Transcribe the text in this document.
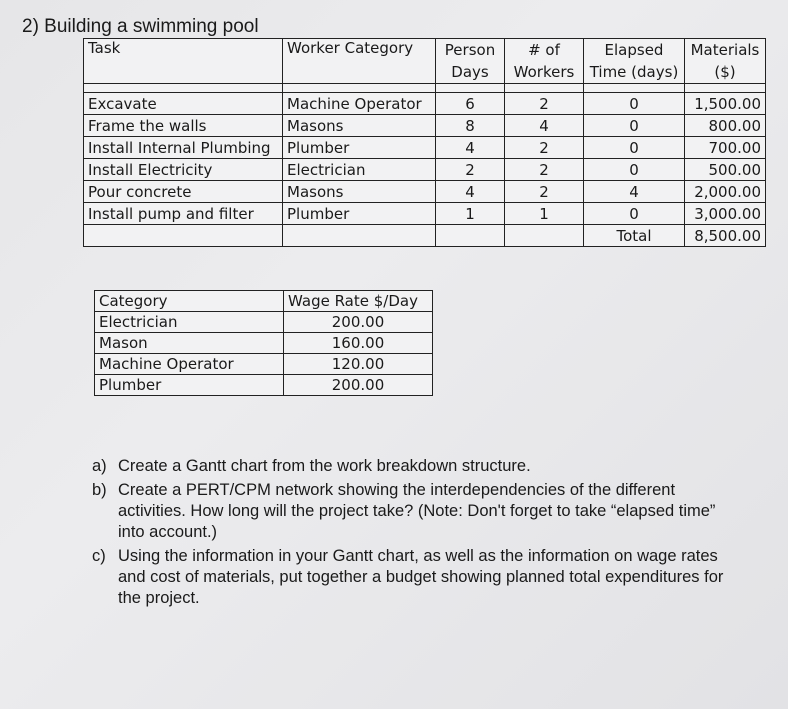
2) Building a swimming pool
Task	Worker Category	Person	# of	Elapsed	Materials
		Days	Workers	Time (days)	($)

Excavate	Machine Operator	6	2	0	1,500.00
Frame the walls	Masons	8	4	0	800.00
Install Internal Plumbing	Plumber	4	2	0	700.00
Install Electricity	Electrician	2	2	0	500.00
Pour concrete	Masons	4	2	4	2,000.00
Install pump and filter	Plumber	1	1	0	3,000.00
				Total	8,500.00
Category	Wage Rate $/Day
Electrician	200.00
Mason	160.00
Machine Operator	120.00
Plumber	200.00
a) Create a Gantt chart from the work breakdown structure.
b) Create a PERT/CPM network showing the interdependencies of the different activities. How long will the project take? (Note: Don't forget to take “elapsed time” into account.)
c) Using the information in your Gantt chart, as well as the information on wage rates and cost of materials, put together a budget showing planned total expenditures for the project.
